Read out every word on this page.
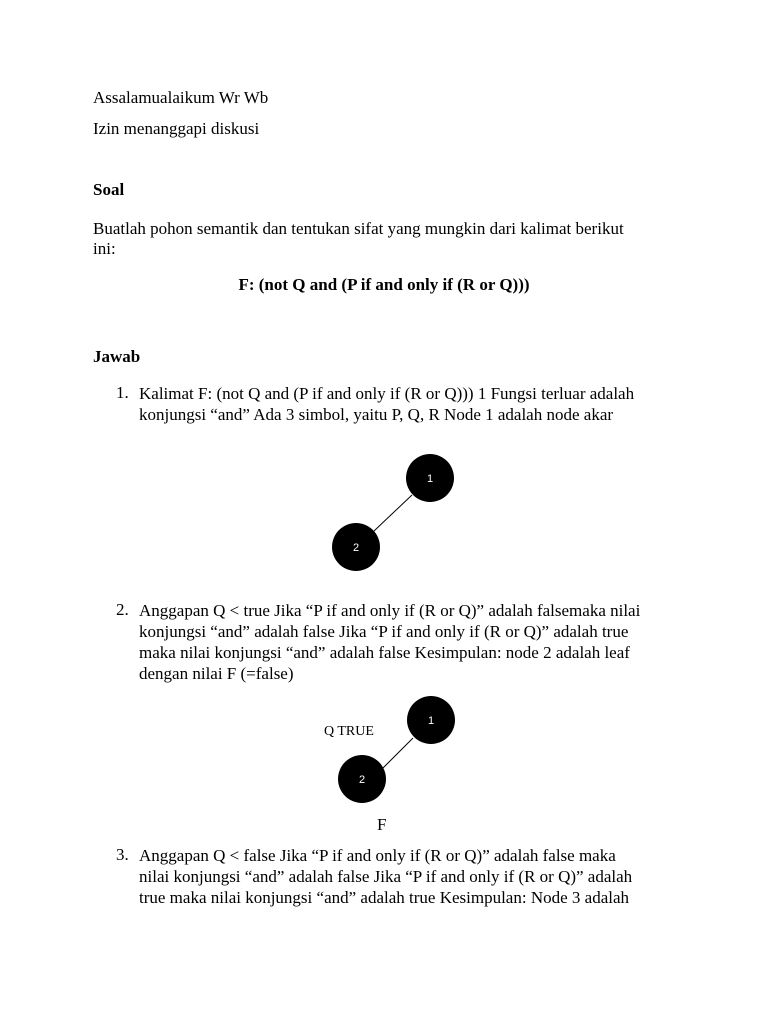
Assalamualaikum Wr Wb
Izin menanggapi diskusi
Soal
Buatlah pohon semantik dan tentukan sifat yang mungkin dari kalimat berikut
ini:
F: (not Q and (P if and only if (R or Q)))
Jawab
1. Kalimat F: (not Q and (P if and only if (R or Q))) 1 Fungsi terluar adalah
konjungsi “and” Ada 3 simbol, yaitu P, Q, R Node 1 adalah node akar
1
2
1
2
2. Anggapan Q < true Jika “P if and only if (R or Q)” adalah falsemaka nilai
konjungsi “and” adalah false Jika “P if and only if (R or Q)” adalah true
maka nilai konjungsi “and” adalah false Kesimpulan: node 2 adalah leaf
dengan nilai F (=false)
Q TRUE
F
3. Anggapan Q < false Jika “P if and only if (R or Q)” adalah false maka
nilai konjungsi “and” adalah false Jika “P if and only if (R or Q)” adalah
true maka nilai konjungsi “and” adalah true Kesimpulan: Node 3 adalah
